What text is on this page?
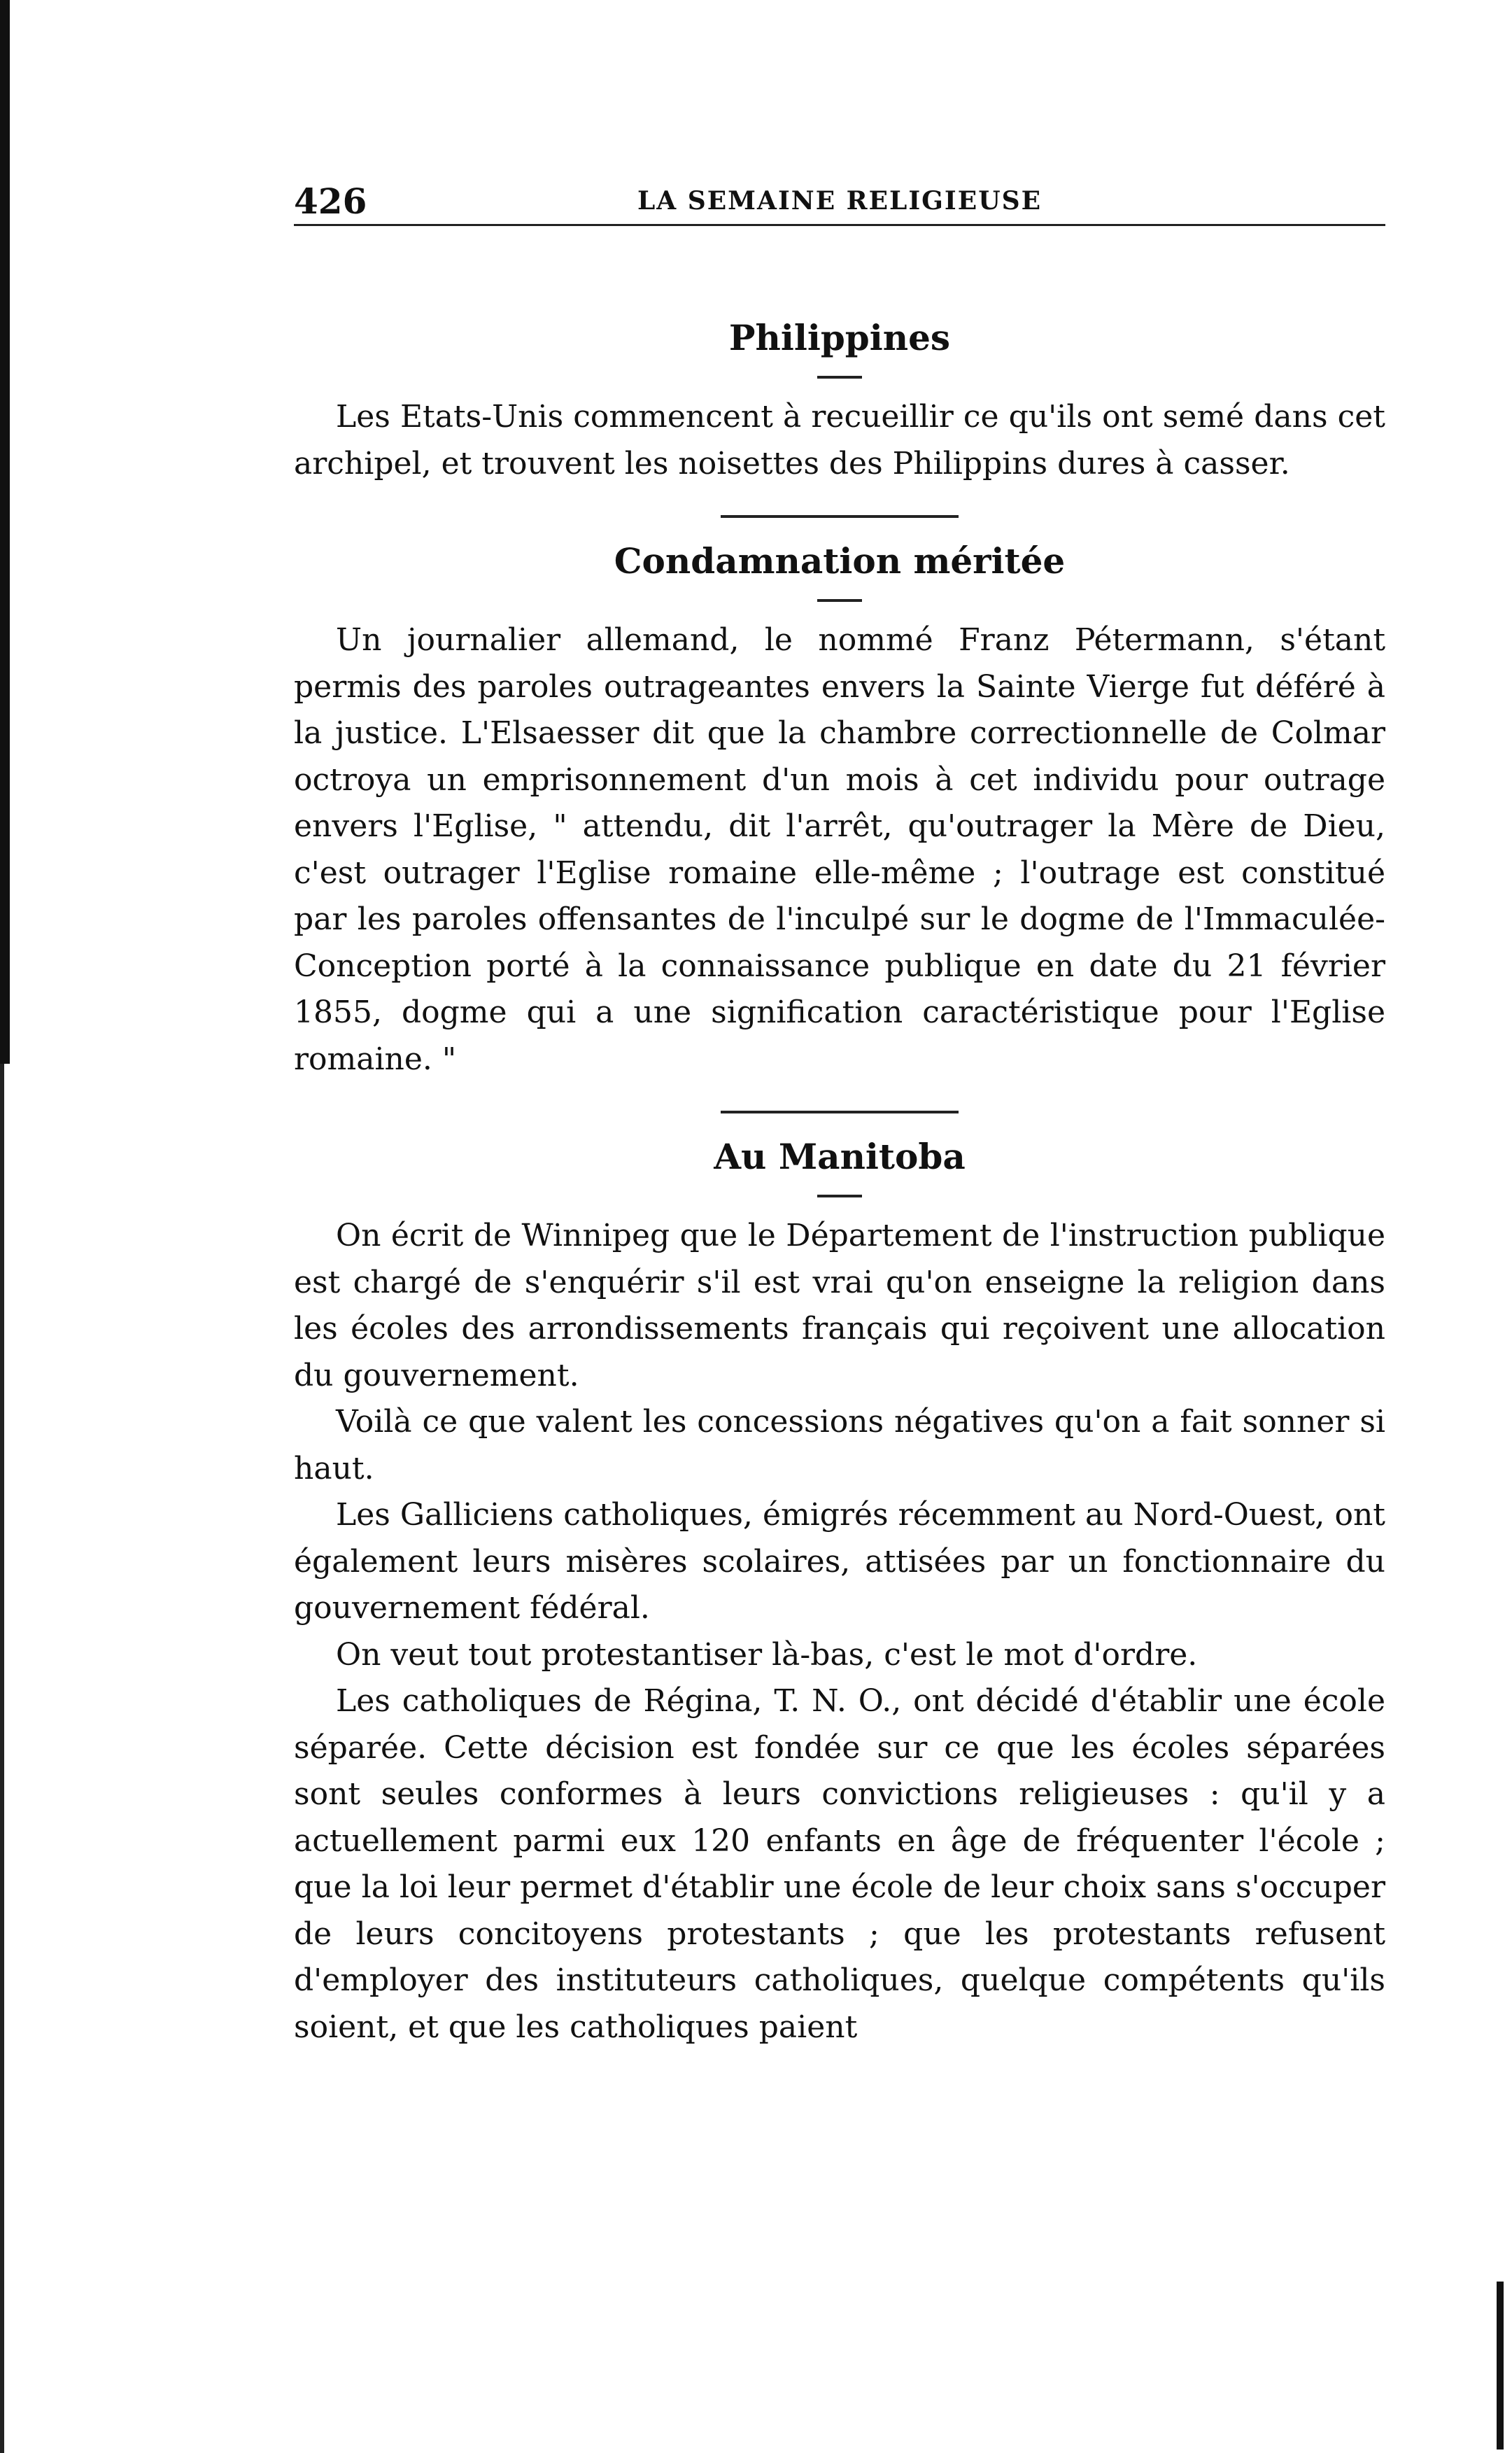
426	LA SEMAINE RELIGIEUSE
Philippines

Les Etats-Unis commencent à recueillir ce qu'ils ont semé dans cet archipel, et trouvent les noisettes des Philippins dures à casser.

Condamnation méritée

Un journalier allemand, le nommé Franz Pétermann, s'étant permis des paroles outrageantes envers la Sainte Vierge fut déféré à la justice. L'Elsaesser dit que la chambre correctionnelle de Colmar octroya un emprisonnement d'un mois à cet individu pour outrage envers l'Eglise, " attendu, dit l'arrêt, qu'outrager la Mère de Dieu, c'est outrager l'Eglise romaine elle-même ; l'outrage est constitué par les paroles offensantes de l'inculpé sur le dogme de l'Immaculée-Conception porté à la connaissance publique en date du 21 février 1855, dogme qui a une signification caractéristique pour l'Eglise romaine. "

Au Manitoba

On écrit de Winnipeg que le Département de l'instruction publique est chargé de s'enquérir s'il est vrai qu'on enseigne la religion dans les écoles des arrondissements français qui reçoivent une allocation du gouvernement.

Voilà ce que valent les concessions négatives qu'on a fait sonner si haut.

Les Galliciens catholiques, émigrés récemment au Nord-Ouest, ont également leurs misères scolaires, attisées par un fonctionnaire du gouvernement fédéral.

On veut tout protestantiser là-bas, c'est le mot d'ordre.

Les catholiques de Régina, T. N. O., ont décidé d'établir une école séparée. Cette décision est fondée sur ce que les écoles séparées sont seules conformes à leurs convictions religieuses : qu'il y a actuellement parmi eux 120 enfants en âge de fréquenter l'école ; que la loi leur permet d'établir une école de leur choix sans s'occuper de leurs concitoyens protestants ; que les protestants refusent d'employer des instituteurs catholiques, quelque compétents qu'ils soient, et que les catholiques paient
